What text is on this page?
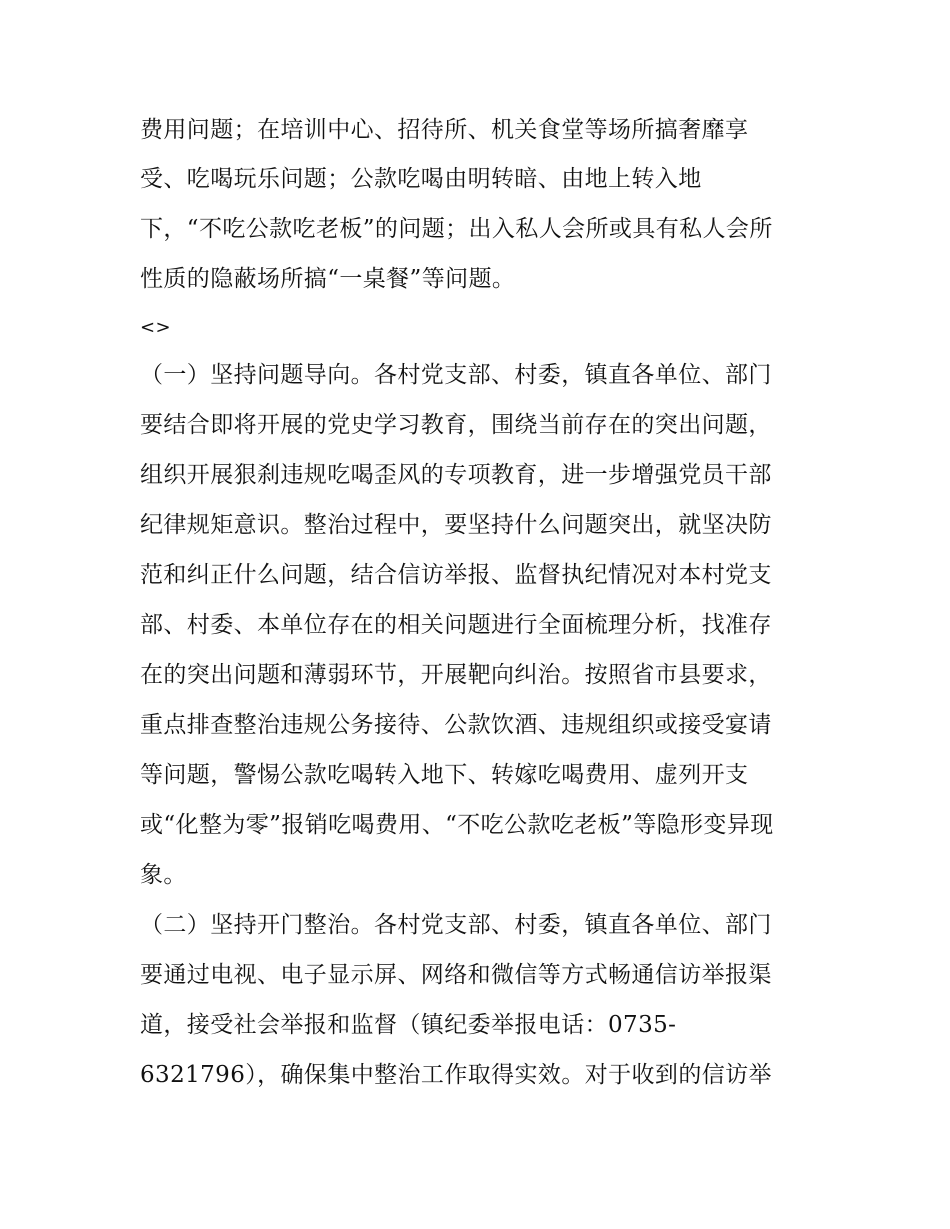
费用问题；在培训中心、招待所、机关食堂等场所搞奢靡享
受、吃喝玩乐问题；公款吃喝由明转暗、由地上转入地
下，“不吃公款吃老板”的问题；出入私人会所或具有私人会所
性质的隐蔽场所搞“一桌餐”等问题。
<>
（一）坚持问题导向。各村党支部、村委，镇直各单位、部门
要结合即将开展的党史学习教育，围绕当前存在的突出问题，
组织开展狠刹违规吃喝歪风的专项教育，进一步增强党员干部
纪律规矩意识。整治过程中，要坚持什么问题突出，就坚决防
范和纠正什么问题，结合信访举报、监督执纪情况对本村党支
部、村委、本单位存在的相关问题进行全面梳理分析，找准存
在的突出问题和薄弱环节，开展靶向纠治。按照省市县要求，
重点排查整治违规公务接待、公款饮酒、违规组织或接受宴请
等问题，警惕公款吃喝转入地下、转嫁吃喝费用、虚列开支
或“化整为零”报销吃喝费用、“不吃公款吃老板”等隐形变异现
象。
（二）坚持开门整治。各村党支部、村委，镇直各单位、部门
要通过电视、电子显示屏、网络和微信等方式畅通信访举报渠
道，接受社会举报和监督（镇纪委举报电话：0735-
6321796），确保集中整治工作取得实效。对于收到的信访举
